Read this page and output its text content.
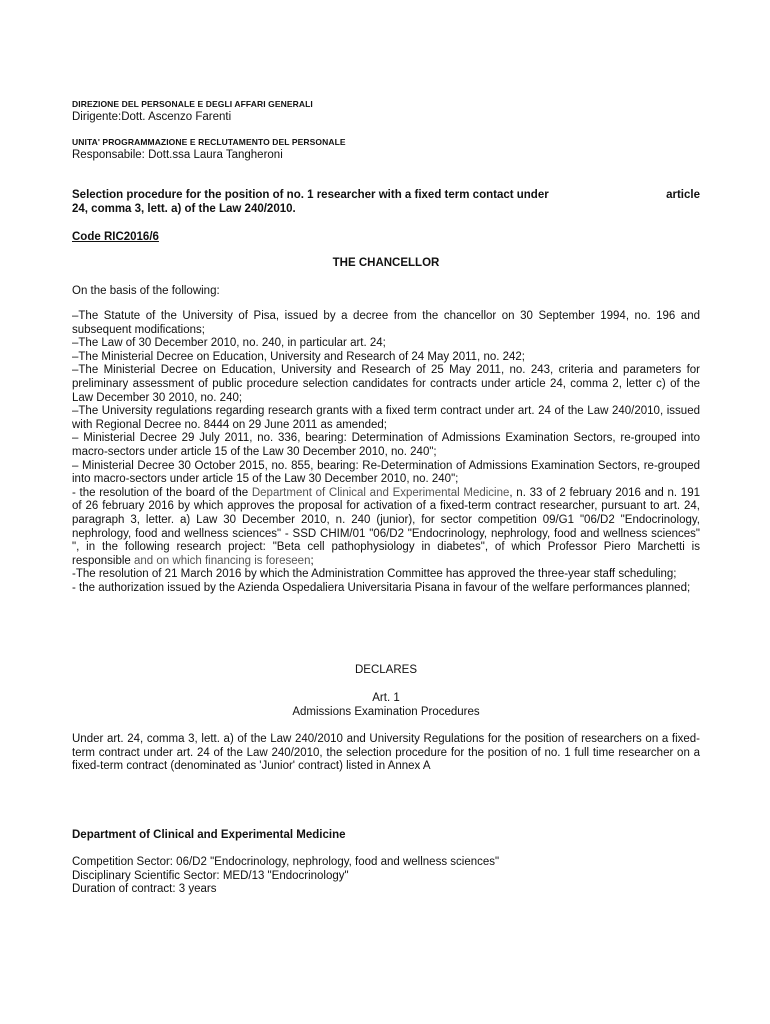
DIREZIONE DEL PERSONALE E DEGLI AFFARI GENERALI
Dirigente:Dott. Ascenzo Farenti
UNITA' PROGRAMMAZIONE E RECLUTAMENTO DEL PERSONALE
Responsabile: Dott.ssa Laura Tangheroni
Selection procedure for the position of no. 1 researcher with a fixed term contact under	article
24, comma 3, lett. a) of the Law 240/2010.
Code RIC2016/6
THE CHANCELLOR
On the basis of the following:
–The Statute of the University of Pisa, issued by a decree from the chancellor on 30 September 1994, no. 196 and subsequent modifications;
–The Law of 30 December 2010, no. 240, in particular art. 24;
–The Ministerial Decree on Education, University and Research of 24 May 2011, no. 242;
–The Ministerial Decree on Education, University and Research of 25 May 2011, no. 243, criteria and parameters for preliminary assessment of public procedure selection candidates for contracts under article 24, comma 2, letter c) of the Law December 30 2010, no. 240;
–The University regulations regarding research grants with a fixed term contract under art. 24 of the Law 240/2010, issued with Regional Decree no. 8444 on 29 June 2011 as amended;
– Ministerial Decree 29 July 2011, no. 336, bearing: Determination of Admissions Examination Sectors, re-grouped into macro-sectors under article 15 of the Law 30 December 2010, no. 240";
– Ministerial Decree 30 October 2015, no. 855, bearing: Re-Determination of Admissions Examination Sectors, re-grouped into macro-sectors under article 15 of the Law 30 December 2010, no. 240";
- the resolution of the board of the Department of Clinical and Experimental Medicine, n. 33 of 2 february 2016 and n. 191 of 26 february 2016 by which approves the proposal for activation of a fixed-term contract researcher, pursuant to art. 24, paragraph 3, letter. a) Law 30 December 2010, n. 240 (junior), for sector competition 09/G1 "06/D2 "Endocrinology, nephrology, food and wellness sciences" - SSD CHIM/01 "06/D2 "Endocrinology, nephrology, food and wellness sciences" ", in the following research project: "Beta cell pathophysiology in diabetes", of which Professor Piero Marchetti is responsible and on which financing is foreseen;
-The resolution of 21 March 2016 by which the Administration Committee has approved the three-year staff scheduling;
- the authorization issued by the Azienda Ospedaliera Universitaria Pisana in favour of the welfare performances planned;
DECLARES
Art. 1
Admissions Examination Procedures
Under art. 24, comma 3, lett. a) of the Law 240/2010 and University Regulations for the position of researchers on a fixed-term contract under art. 24 of the Law 240/2010, the selection procedure for the position of no. 1 full time researcher on a fixed-term contract (denominated as 'Junior' contract) listed in Annex A
Department of Clinical and Experimental Medicine
Competition Sector: 06/D2 "Endocrinology, nephrology, food and wellness sciences"
Disciplinary Scientific Sector: MED/13 "Endocrinology"
Duration of contract: 3 years
